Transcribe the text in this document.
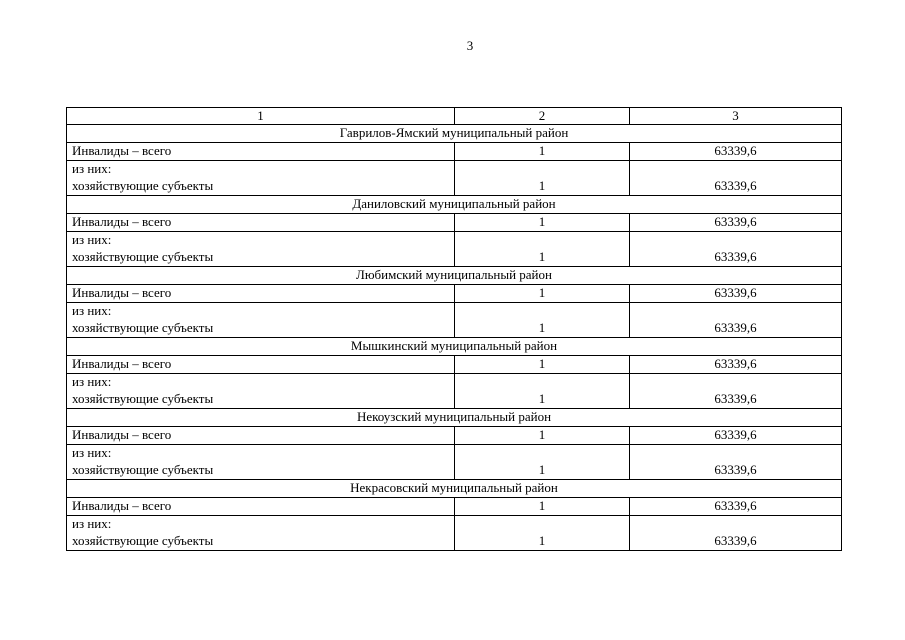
3
1	2	3
Гаврилов-Ямский муниципальный район		

Инвалиды – всего	1	63339,6

из них:
хозяйствующие субъекты	1	63339,6

Даниловский муниципальный район		

Инвалиды – всего	1	63339,6

из них:
хозяйствующие субъекты	1	63339,6

Любимский муниципальный район		

Инвалиды – всего	1	63339,6

из них:
хозяйствующие субъекты	1	63339,6

Мышкинский муниципальный район		

Инвалиды – всего	1	63339,6

из них:
хозяйствующие субъекты	1	63339,6

Некоузский муниципальный район		

Инвалиды – всего	1	63339,6

из них:
хозяйствующие субъекты	1	63339,6

Некрасовский муниципальный район		

Инвалиды – всего	1	63339,6

из них:
хозяйствующие субъекты	1	63339,6
